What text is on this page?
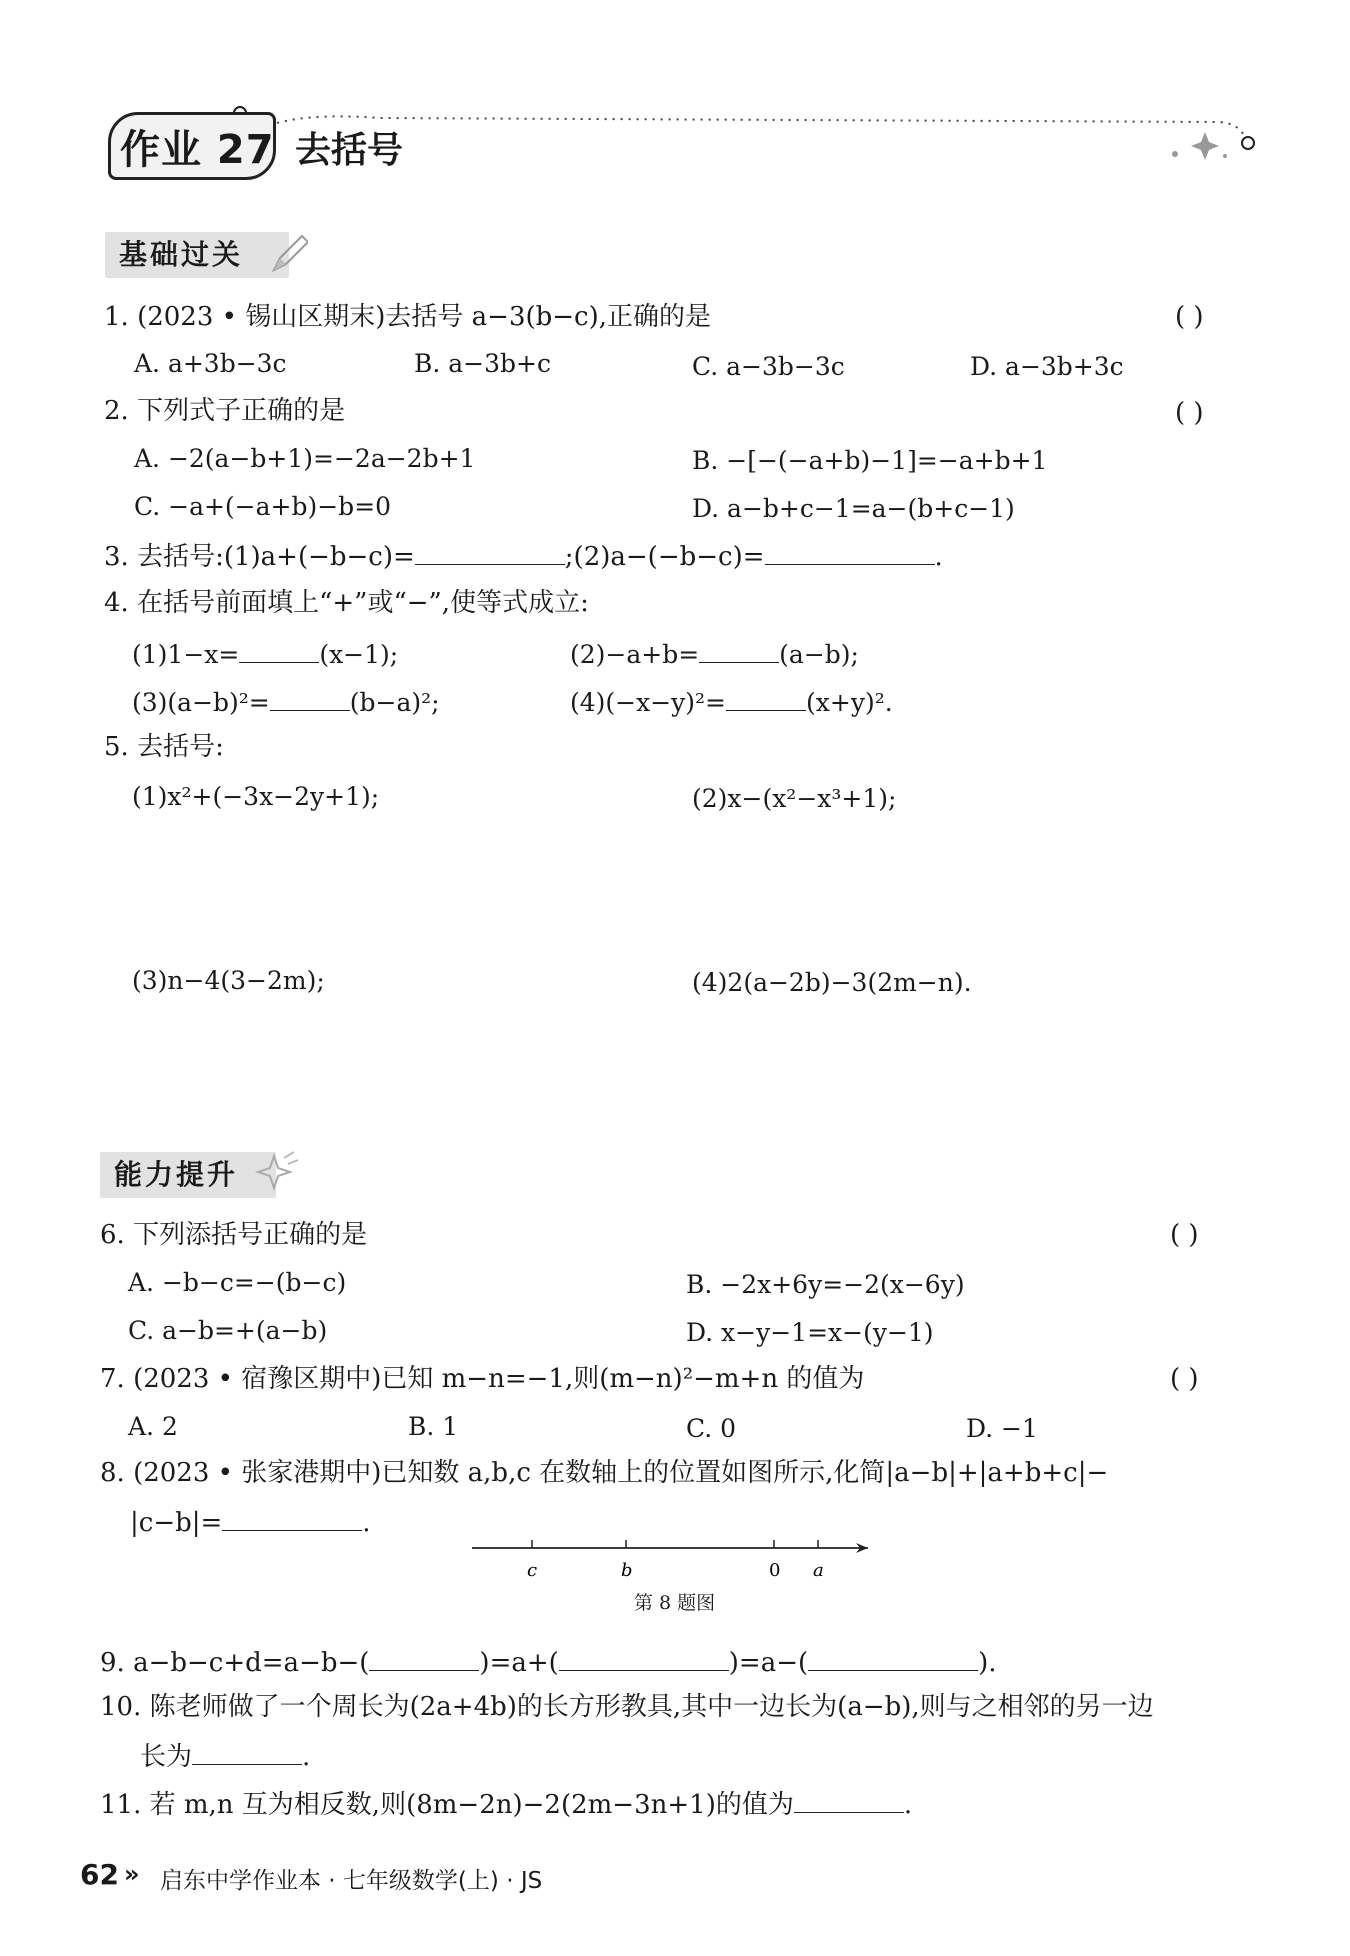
作业 27 去括号
基础过关
1. (2023 • 锡山区期末)去括号 a−3(b−c),正确的是	( )
A. a+3b−3c	B. a−3b+c	C. a−3b−3c	D. a−3b+3c
2. 下列式子正确的是	( )
A. −2(a−b+1)=−2a−2b+1	B. −[−(−a+b)−1]=−a+b+1
C. −a+(−a+b)−b=0	D. a−b+c−1=a−(b+c−1)
3. 去括号:(1)a+(−b−c)=	;(2)a−(−b−c)=	.
4. 在括号前面填上“+”或“−”,使等式成立:
(1)1−x=	(x−1);	(2)−a+b=	(a−b);
(3)(a−b)²=	(b−a)²;	(4)(−x−y)²=	(x+y)².
5. 去括号:
(1)x²+(−3x−2y+1);	(2)x−(x²−x³+1);
(3)n−4(3−2m);	(4)2(a−2b)−3(2m−n).
能力提升
6. 下列添括号正确的是	( )
A. −b−c=−(b−c)	B. −2x+6y=−2(x−6y)
C. a−b=+(a−b)	D. x−y−1=x−(y−1)
7. (2023 • 宿豫区期中)已知 m−n=−1,则(m−n)²−m+n 的值为	( )
A. 2	B. 1	C. 0	D. −1
8. (2023 • 张家港期中)已知数 a,b,c 在数轴上的位置如图所示,化简|a−b|+|a+b+c|−
|c−b|=	.
c	b	0 a
第 8 题图
9. a−b−c+d=a−b−(	)=a+(	)=a−(	).
10. 陈老师做了一个周长为(2a+4b)的长方形教具,其中一边长为(a−b),则与之相邻的另一边
长为	.
11. 若 m,n 互为相反数,则(8m−2n)−2(2m−3n+1)的值为	.
62 » 启东中学作业本 · 七年级数学(上) · JS
